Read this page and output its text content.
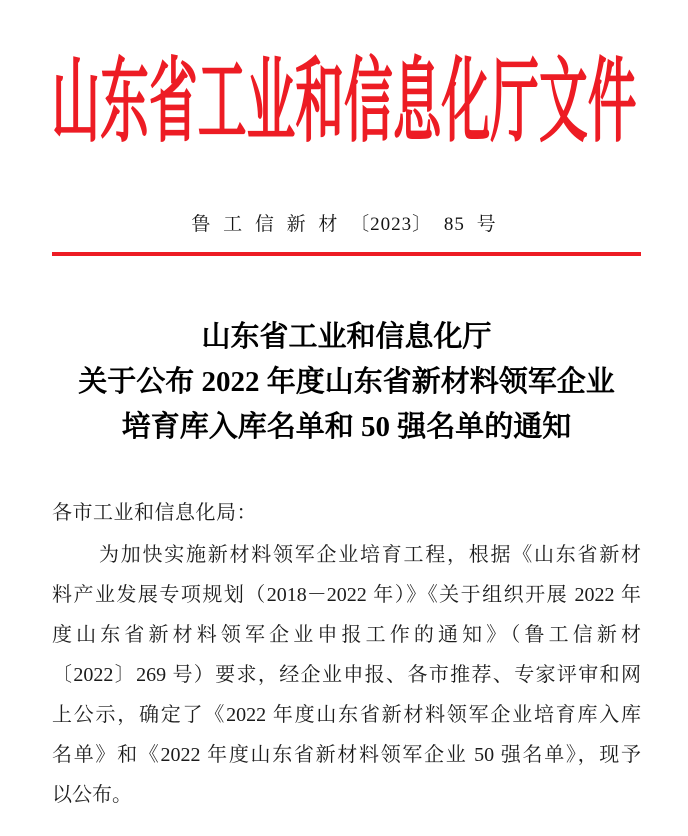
山东省工业和信息化厅文件
鲁 工 信 新 材 〔2023〕 85 号
山东省工业和信息化厅
关于公布 2022 年度山东省新材料领军企业
培育库入库名单和 50 强名单的通知
各市工业和信息化局：
为加快实施新材料领军企业培育工程，根据《山东省新材
料产业发展专项规划（2018－2022 年）》《关于组织开展 2022 年
度山东省新材料领军企业申报工作的通知》（鲁工信新材
〔2022〕269 号）要求，经企业申报、各市推荐、专家评审和网
上公示，确定了《2022 年度山东省新材料领军企业培育库入库
名单》和《2022 年度山东省新材料领军企业 50 强名单》，现予
以公布。
